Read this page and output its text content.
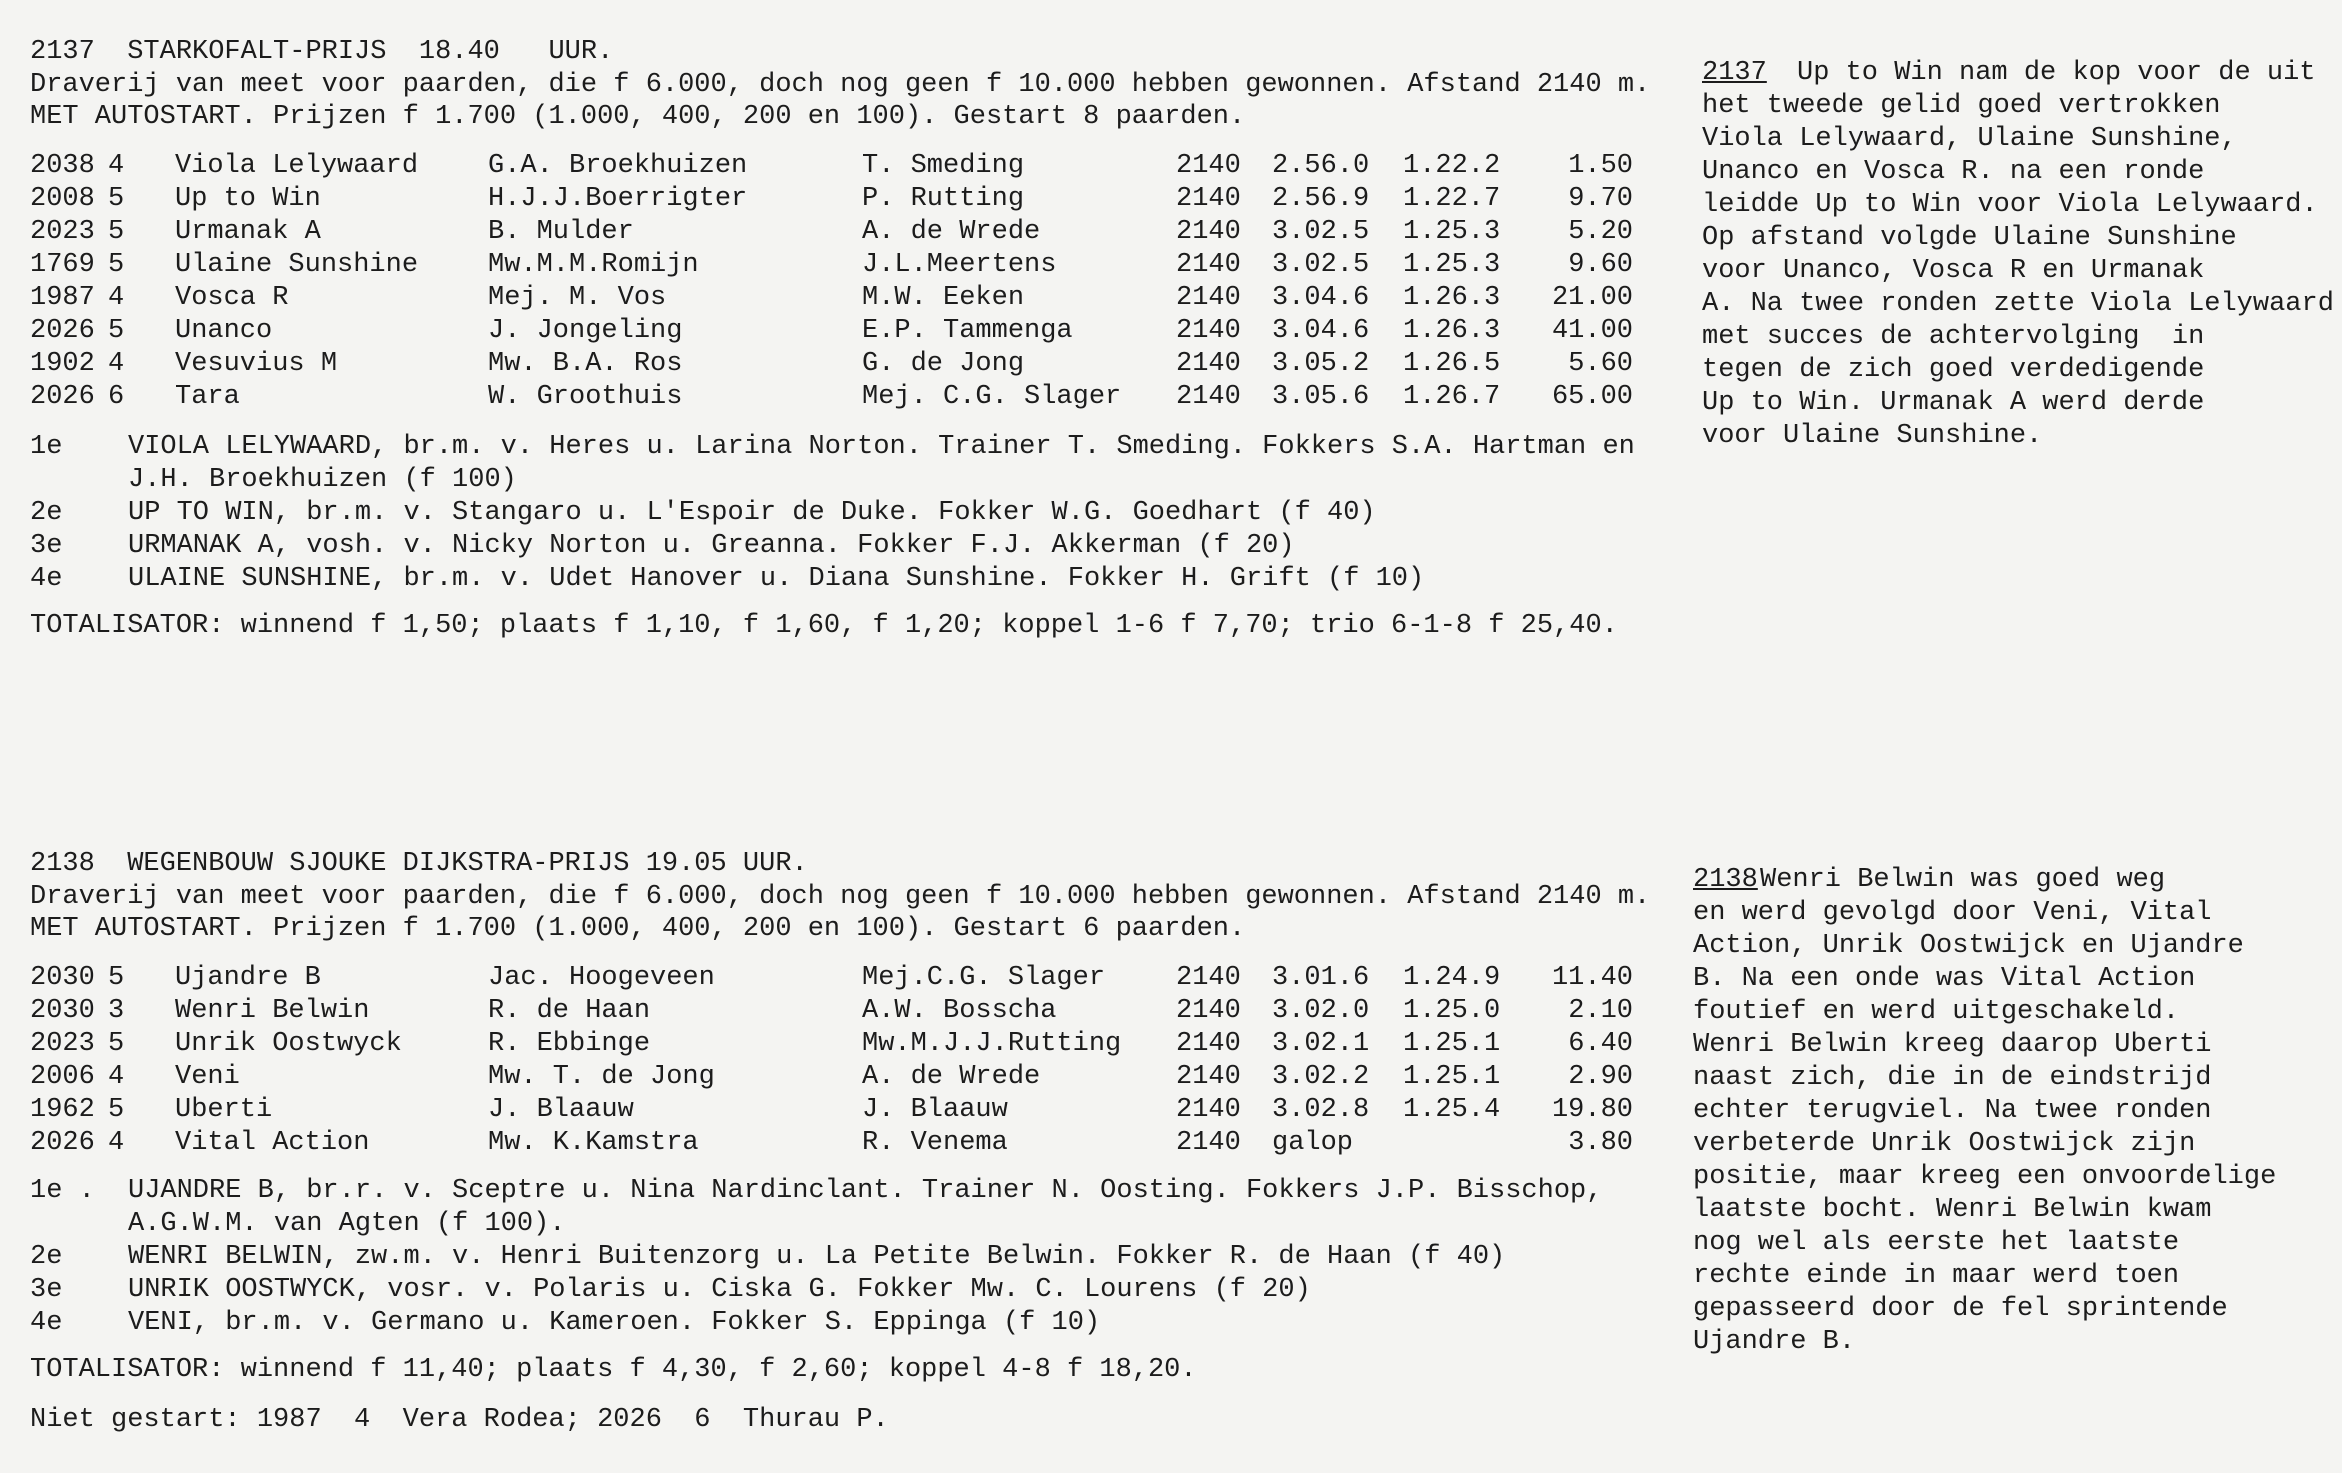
2137  STARKOFALT-PRIJS  18.40   UUR.
Draverij van meet voor paarden, die f 6.000, doch nog geen f 10.000 hebben gewonnen. Afstand 2140 m.
MET AUTOSTART. Prijzen f 1.700 (1.000, 400, 200 en 100). Gestart 8 paarden.
2038 4 Viola Lelywaard	G.A. Broekhuizen	T. Smeding	2140 2.56.0 1.22.2	1.50
2008 5 Up to Win	H.J.J.Boerrigter	P. Rutting	2140 2.56.9 1.22.7	9.70
2023 5 Urmanak A	B. Mulder	A. de Wrede	2140 3.02.5 1.25.3	5.20
1769 5 Ulaine Sunshine	Mw.M.M.Romijn	J.L.Meertens	2140 3.02.5 1.25.3	9.60
1987 4 Vosca R	Mej. M. Vos	M.W. Eeken	2140 3.04.6 1.26.3	21.00
2026 5 Unanco	J. Jongeling	E.P. Tammenga	2140 3.04.6 1.26.3	41.00
1902 4 Vesuvius M	Mw. B.A. Ros	G. de Jong	2140 3.05.2 1.26.5	5.60
2026 6 Tara	W. Groothuis	Mej. C.G. Slager 2140 3.05.6 1.26.7	65.00
1e VIOLA LELYWAARD, br.m. v. Heres u. Larina Norton. Trainer T. Smeding. Fokkers S.A. Hartman en
J.H. Broekhuizen (f 100)
2e UP TO WIN, br.m. v. Stangaro u. L'Espoir de Duke. Fokker W.G. Goedhart (f 40)
3e URMANAK A, vosh. v. Nicky Norton u. Greanna. Fokker F.J. Akkerman (f 20)
4e ULAINE SUNSHINE, br.m. v. Udet Hanover u. Diana Sunshine. Fokker H. Grift (f 10)
TOTALISATOR: winnend f 1,50; plaats f 1,10, f 1,60, f 1,20; koppel 1-6 f 7,70; trio 6-1-8 f 25,40.
2137 Up to Win nam de kop voor de uit
het tweede gelid goed vertrokken
Viola Lelywaard, Ulaine Sunshine,
Unanco en Vosca R. na een ronde
leidde Up to Win voor Viola Lelywaard.
Op afstand volgde Ulaine Sunshine
voor Unanco, Vosca R en Urmanak
A. Na twee ronden zette Viola Lelywaard
met succes de achtervolging  in
tegen de zich goed verdedigende
Up to Win. Urmanak A werd derde
voor Ulaine Sunshine.
2138  WEGENBOUW SJOUKE DIJKSTRA-PRIJS 19.05 UUR.
Draverij van meet voor paarden, die f 6.000, doch nog geen f 10.000 hebben gewonnen. Afstand 2140 m.
MET AUTOSTART. Prijzen f 1.700 (1.000, 400, 200 en 100). Gestart 6 paarden.
2030 5 Ujandre B	Jac. Hoogeveen	Mej.C.G. Slager	2140 3.01.6 1.24.9	11.40
2030 3 Wenri Belwin	R. de Haan	A.W. Bosscha	2140 3.02.0 1.25.0	2.10
2023 5 Unrik Oostwyck	R. Ebbinge	Mw.M.J.J.Rutting 2140 3.02.1 1.25.1	6.40
2006 4 Veni	Mw. T. de Jong	A. de Wrede	2140 3.02.2 1.25.1	2.90
1962 5 Uberti	J. Blaauw	J. Blaauw	2140 3.02.8 1.25.4	19.80
2026 4 Vital Action	Mw. K.Kamstra	R. Venema	2140 galop	3.80
1e . UJANDRE B, br.r. v. Sceptre u. Nina Nardinclant. Trainer N. Oosting. Fokkers J.P. Bisschop,
A.G.W.M. van Agten (f 100).
2e WENRI BELWIN, zw.m. v. Henri Buitenzorg u. La Petite Belwin. Fokker R. de Haan (f 40)
3e UNRIK OOSTWYCK, vosr. v. Polaris u. Ciska G. Fokker Mw. C. Lourens (f 20)
4e VENI, br.m. v. Germano u. Kameroen. Fokker S. Eppinga (f 10)
TOTALISATOR: winnend f 11,40; plaats f 4,30, f 2,60; koppel 4-8 f 18,20.
2138 Wenri Belwin was goed weg
en werd gevolgd door Veni, Vital
Action, Unrik Oostwijck en Ujandre
B. Na een onde was Vital Action
foutief en werd uitgeschakeld.
Wenri Belwin kreeg daarop Uberti
naast zich, die in de eindstrijd
echter terugviel. Na twee ronden
verbeterde Unrik Oostwijck zijn
positie, maar kreeg een onvoordelige
laatste bocht. Wenri Belwin kwam
nog wel als eerste het laatste
rechte einde in maar werd toen
gepasseerd door de fel sprintende
Ujandre B.
Niet gestart: 1987  4  Vera Rodea; 2026  6  Thurau P.
